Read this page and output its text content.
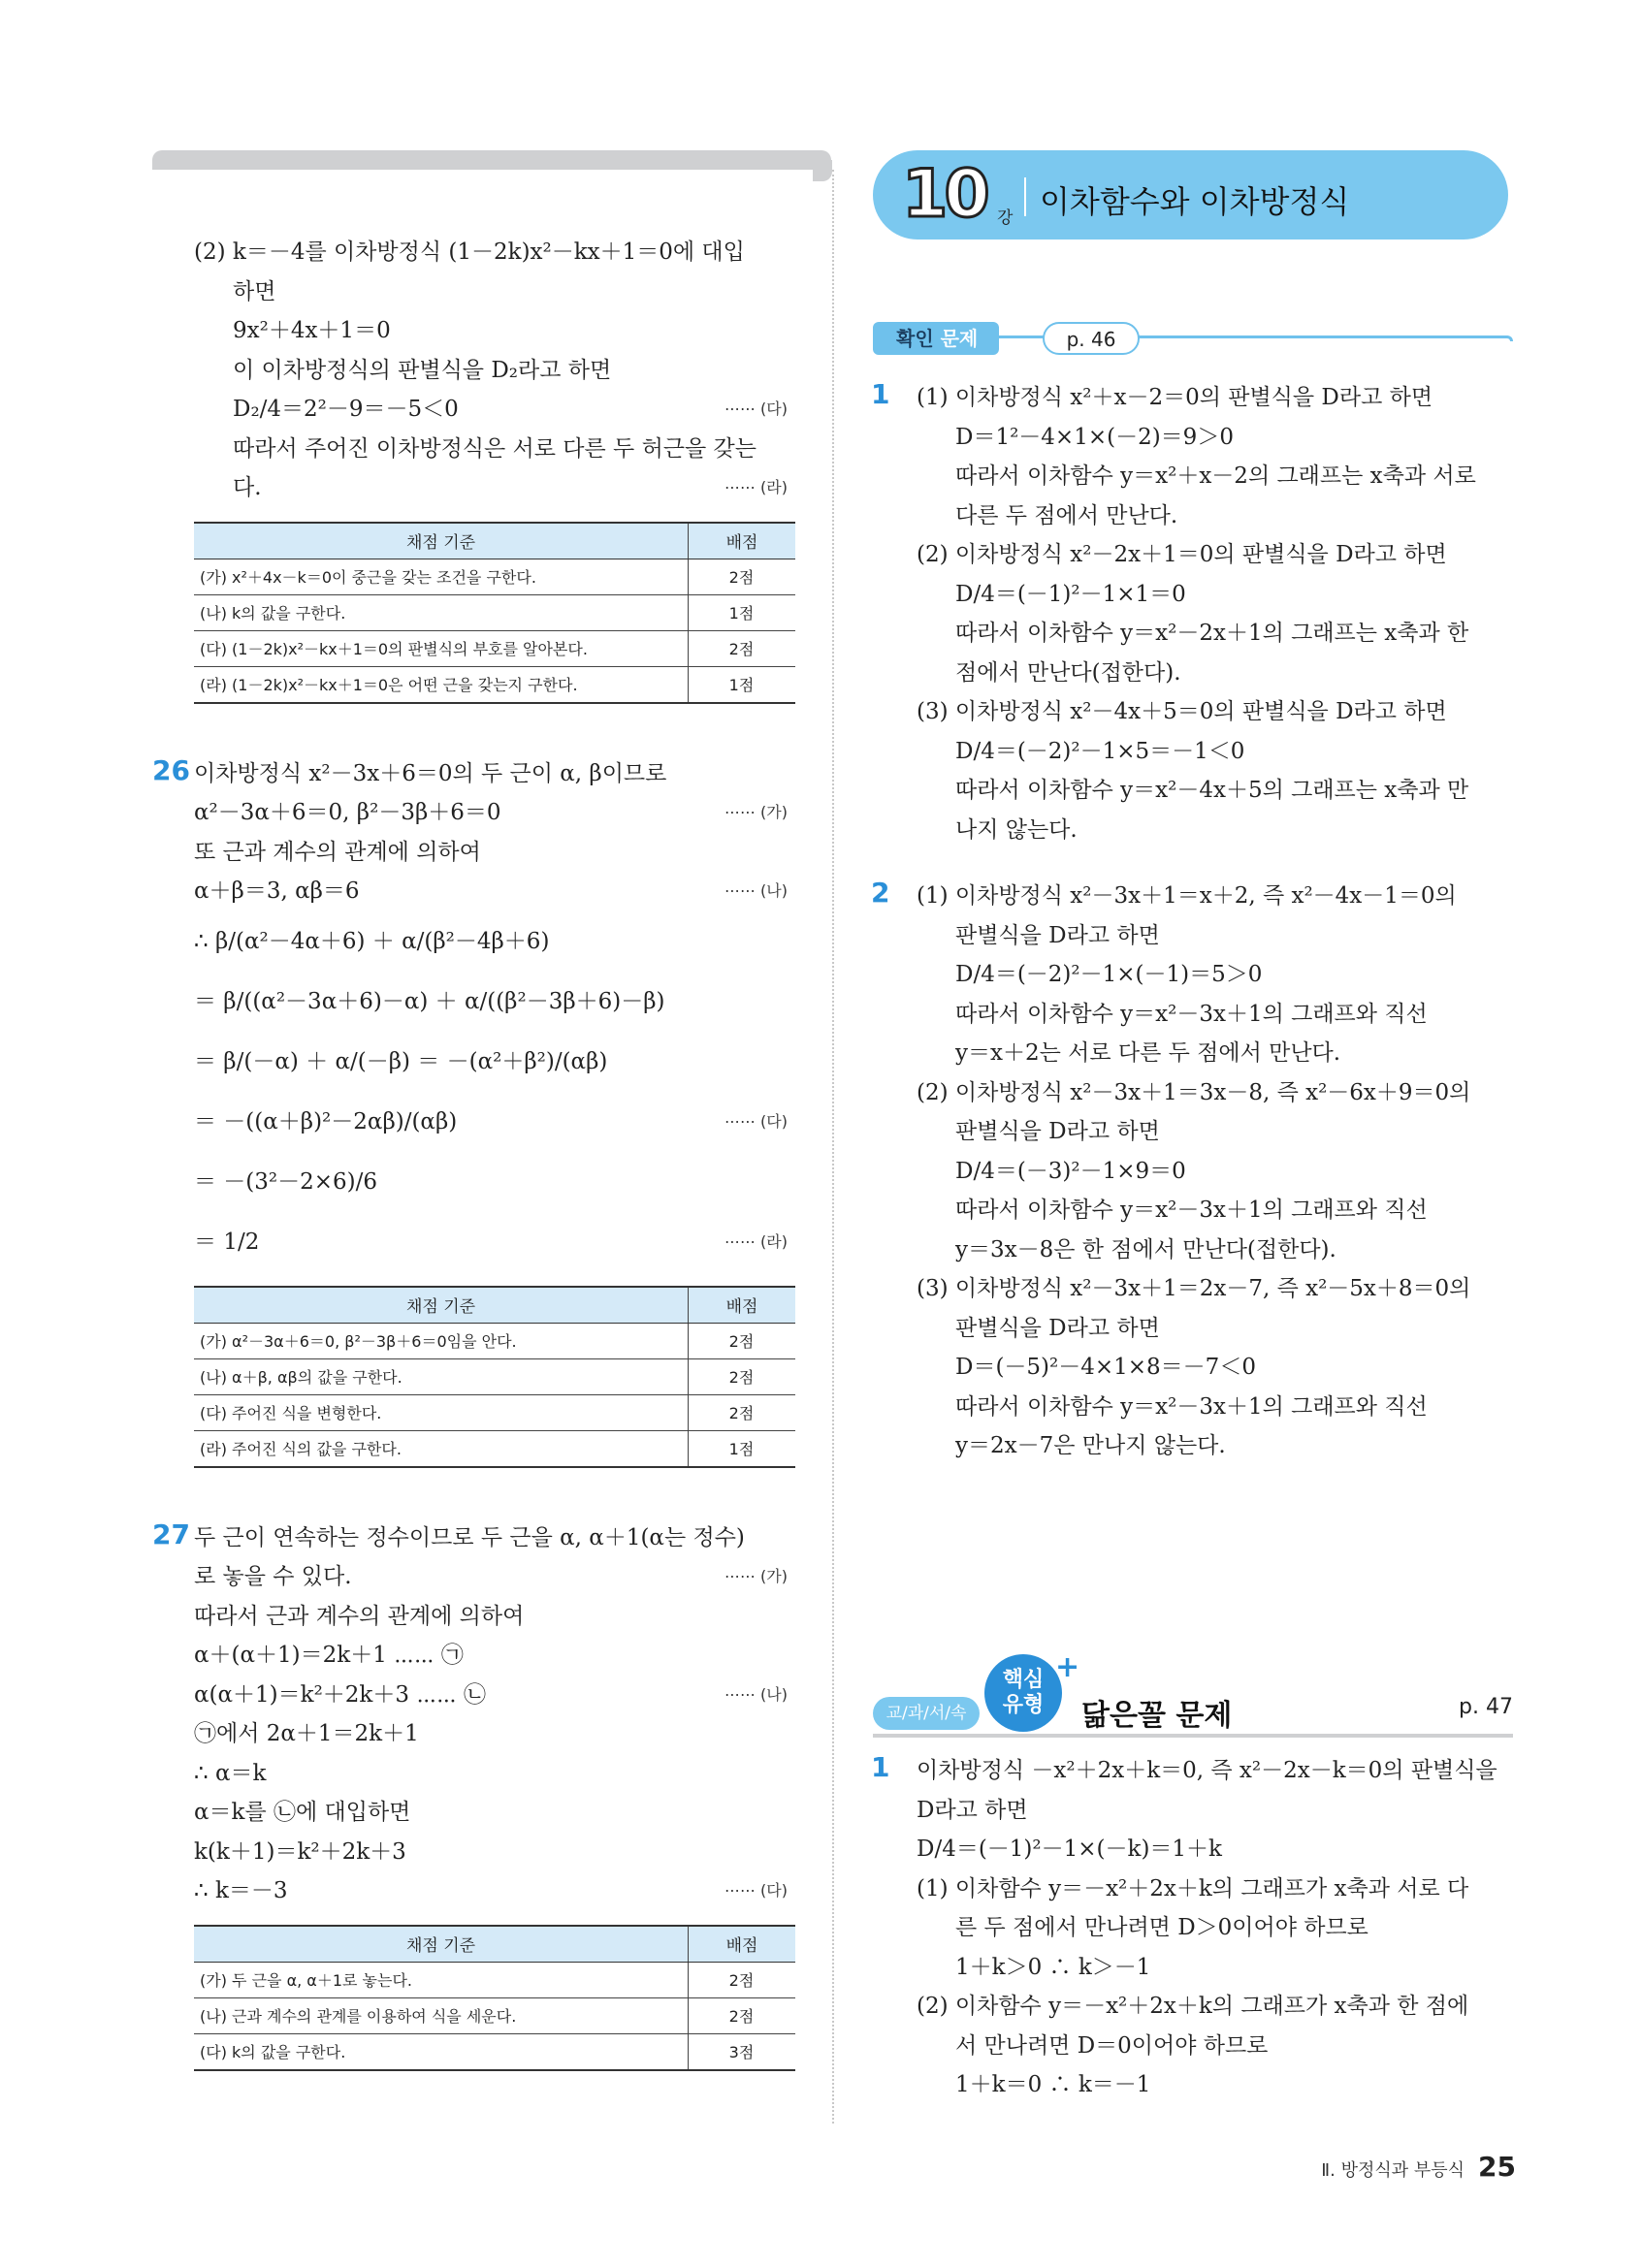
(2) k＝－4를 이차방정식 (1－2k)x²－kx＋1＝0에 대입
하면
9x²＋4x＋1＝0
이 이차방정식의 판별식을 D₂라고 하면
D₂/4＝2²－9＝－5＜0	⋯⋯ (다)
따라서 주어진 이차방정식은 서로 다른 두 허근을 갖는
다.	⋯⋯ (라)
채점 기준	배점
(가) x²＋4x－k＝0이 중근을 갖는 조건을 구한다.	2점
(나) k의 값을 구한다.	1점
(다) (1－2k)x²－kx＋1＝0의 판별식의 부호를 알아본다.	2점
(라) (1－2k)x²－kx＋1＝0은 어떤 근을 갖는지 구한다.	1점
26 이차방정식 x²－3x＋6＝0의 두 근이 α, β이므로
α²－3α＋6＝0, β²－3β＋6＝0	⋯⋯ (가)
또 근과 계수의 관계에 의하여
α＋β＝3, αβ＝6	⋯⋯ (나)
∴ β/(α²－4α＋6) ＋ α/(β²－4β＋6)
＝ β/((α²－3α＋6)－α) ＋ α/((β²－3β＋6)－β)
＝ β/(－α) ＋ α/(－β) ＝ －(α²＋β²)/(αβ)
＝ －((α＋β)²－2αβ)/(αβ)	⋯⋯ (다)
＝ －(3²－2×6)/6
＝ 1/2	⋯⋯ (라)
채점 기준	배점
(가) α²－3α＋6＝0, β²－3β＋6＝0임을 안다.	2점
(나) α＋β, αβ의 값을 구한다.	2점
(다) 주어진 식을 변형한다.	2점
(라) 주어진 식의 값을 구한다.	1점
27 두 근이 연속하는 정수이므로 두 근을 α, α＋1(α는 정수)
로 놓을 수 있다.	⋯⋯ (가)
따라서 근과 계수의 관계에 의하여
α＋(α＋1)＝2k＋1 ⋯⋯ ㉠
α(α＋1)＝k²＋2k＋3 ⋯⋯ ㉡	⋯⋯ (나)
㉠에서 2α＋1＝2k＋1
∴ α＝k
α＝k를 ㉡에 대입하면
k(k＋1)＝k²＋2k＋3
∴ k＝－3	⋯⋯ (다)
채점 기준	배점
(가) 두 근을 α, α＋1로 놓는다.	2점
(나) 근과 계수의 관계를 이용하여 식을 세운다.	2점
(다) k의 값을 구한다.	3점
10 강 이차함수와 이차방정식
확인 문제	p. 46
1 (1) 이차방정식 x²＋x－2＝0의 판별식을 D라고 하면
D＝1²－4×1×(－2)＝9＞0
따라서 이차함수 y＝x²＋x－2의 그래프는 x축과 서로
다른 두 점에서 만난다.
(2) 이차방정식 x²－2x＋1＝0의 판별식을 D라고 하면
D/4＝(－1)²－1×1＝0
따라서 이차함수 y＝x²－2x＋1의 그래프는 x축과 한
점에서 만난다(접한다).
(3) 이차방정식 x²－4x＋5＝0의 판별식을 D라고 하면
D/4＝(－2)²－1×5＝－1＜0
따라서 이차함수 y＝x²－4x＋5의 그래프는 x축과 만
나지 않는다.
2 (1) 이차방정식 x²－3x＋1＝x＋2, 즉 x²－4x－1＝0의
판별식을 D라고 하면
D/4＝(－2)²－1×(－1)＝5＞0
따라서 이차함수 y＝x²－3x＋1의 그래프와 직선
y＝x＋2는 서로 다른 두 점에서 만난다.
(2) 이차방정식 x²－3x＋1＝3x－8, 즉 x²－6x＋9＝0의
판별식을 D라고 하면
D/4＝(－3)²－1×9＝0
따라서 이차함수 y＝x²－3x＋1의 그래프와 직선
y＝3x－8은 한 점에서 만난다(접한다).
(3) 이차방정식 x²－3x＋1＝2x－7, 즉 x²－5x＋8＝0의
판별식을 D라고 하면
D＝(－5)²－4×1×8＝－7＜0
따라서 이차함수 y＝x²－3x＋1의 그래프와 직선
y＝2x－7은 만나지 않는다.
교/과/서/속
핵심
유형
+
닮은꼴 문제	p. 47
1 이차방정식 －x²＋2x＋k＝0, 즉 x²－2x－k＝0의 판별식을
D라고 하면
D/4＝(－1)²－1×(－k)＝1＋k
(1) 이차함수 y＝－x²＋2x＋k의 그래프가 x축과 서로 다
른 두 점에서 만나려면 D＞0이어야 하므로
1＋k＞0 ∴ k＞－1
(2) 이차함수 y＝－x²＋2x＋k의 그래프가 x축과 한 점에
서 만나려면 D＝0이어야 하므로
1＋k＝0 ∴ k＝－1
Ⅱ. 방정식과 부등식 25
